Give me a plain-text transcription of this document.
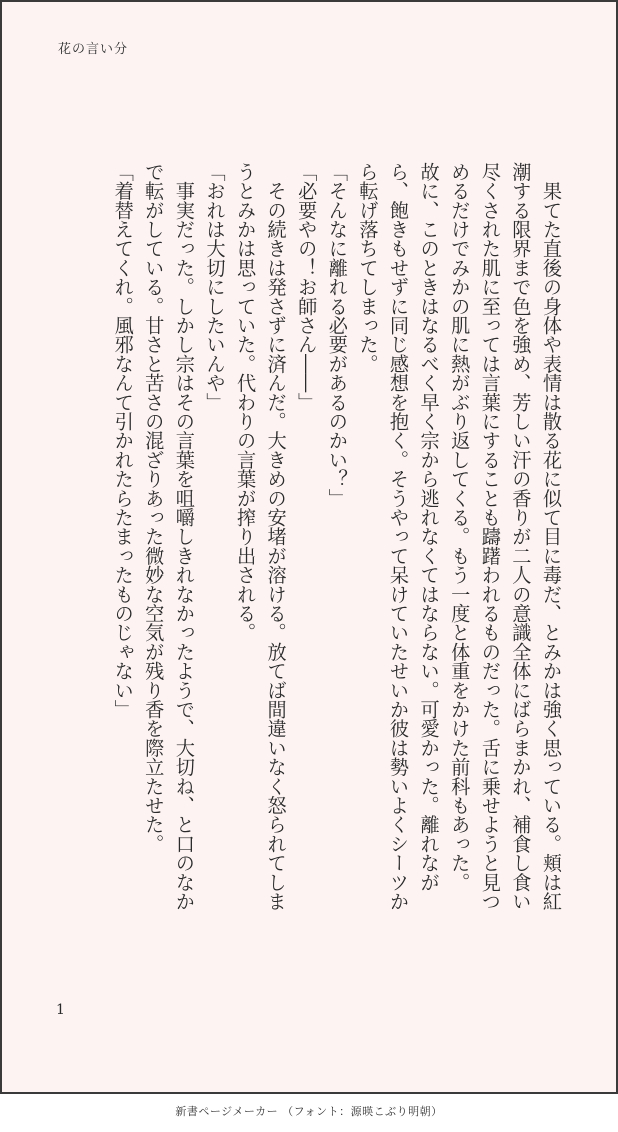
花の言い分
　果てた直後の身体や表情は散る花に似て目に毒だ、とみかは強く思っている。頬は紅
潮する限界まで色を強め、芳しい汗の香りが二人の意識全体にばらまかれ、補食し食い
尽くされた肌に至っては言葉にすることも躊躇われるものだった。舌に乗せようと見つ
めるだけでみかの肌に熱がぶり返してくる。もう一度と体重をかけた前科もあった。
故に、このときはなるべく早く宗から逃れなくてはならない。可愛かった。離れなが
ら、飽きもせずに同じ感想を抱く。そうやって呆けていたせいか彼は勢いよくシーツか
ら転げ落ちてしまった。
「そんなに離れる必要があるのかい？」
「必要やの！お師さん――」
　その続きは発さずに済んだ。大きめの安堵が溶ける。放てば間違いなく怒られてしま
うとみかは思っていた。代わりの言葉が搾り出される。
「おれは大切にしたいんや」
　事実だった。しかし宗はその言葉を咀嚼しきれなかったようで、大切ね、と口のなか
で転がしている。甘さと苦さの混ざりあった微妙な空気が残り香を際立たせた。
「着替えてくれ。風邪なんて引かれたらたまったものじゃない」
1
新書ページメーカー （フォント：源暎こぶり明朝）
